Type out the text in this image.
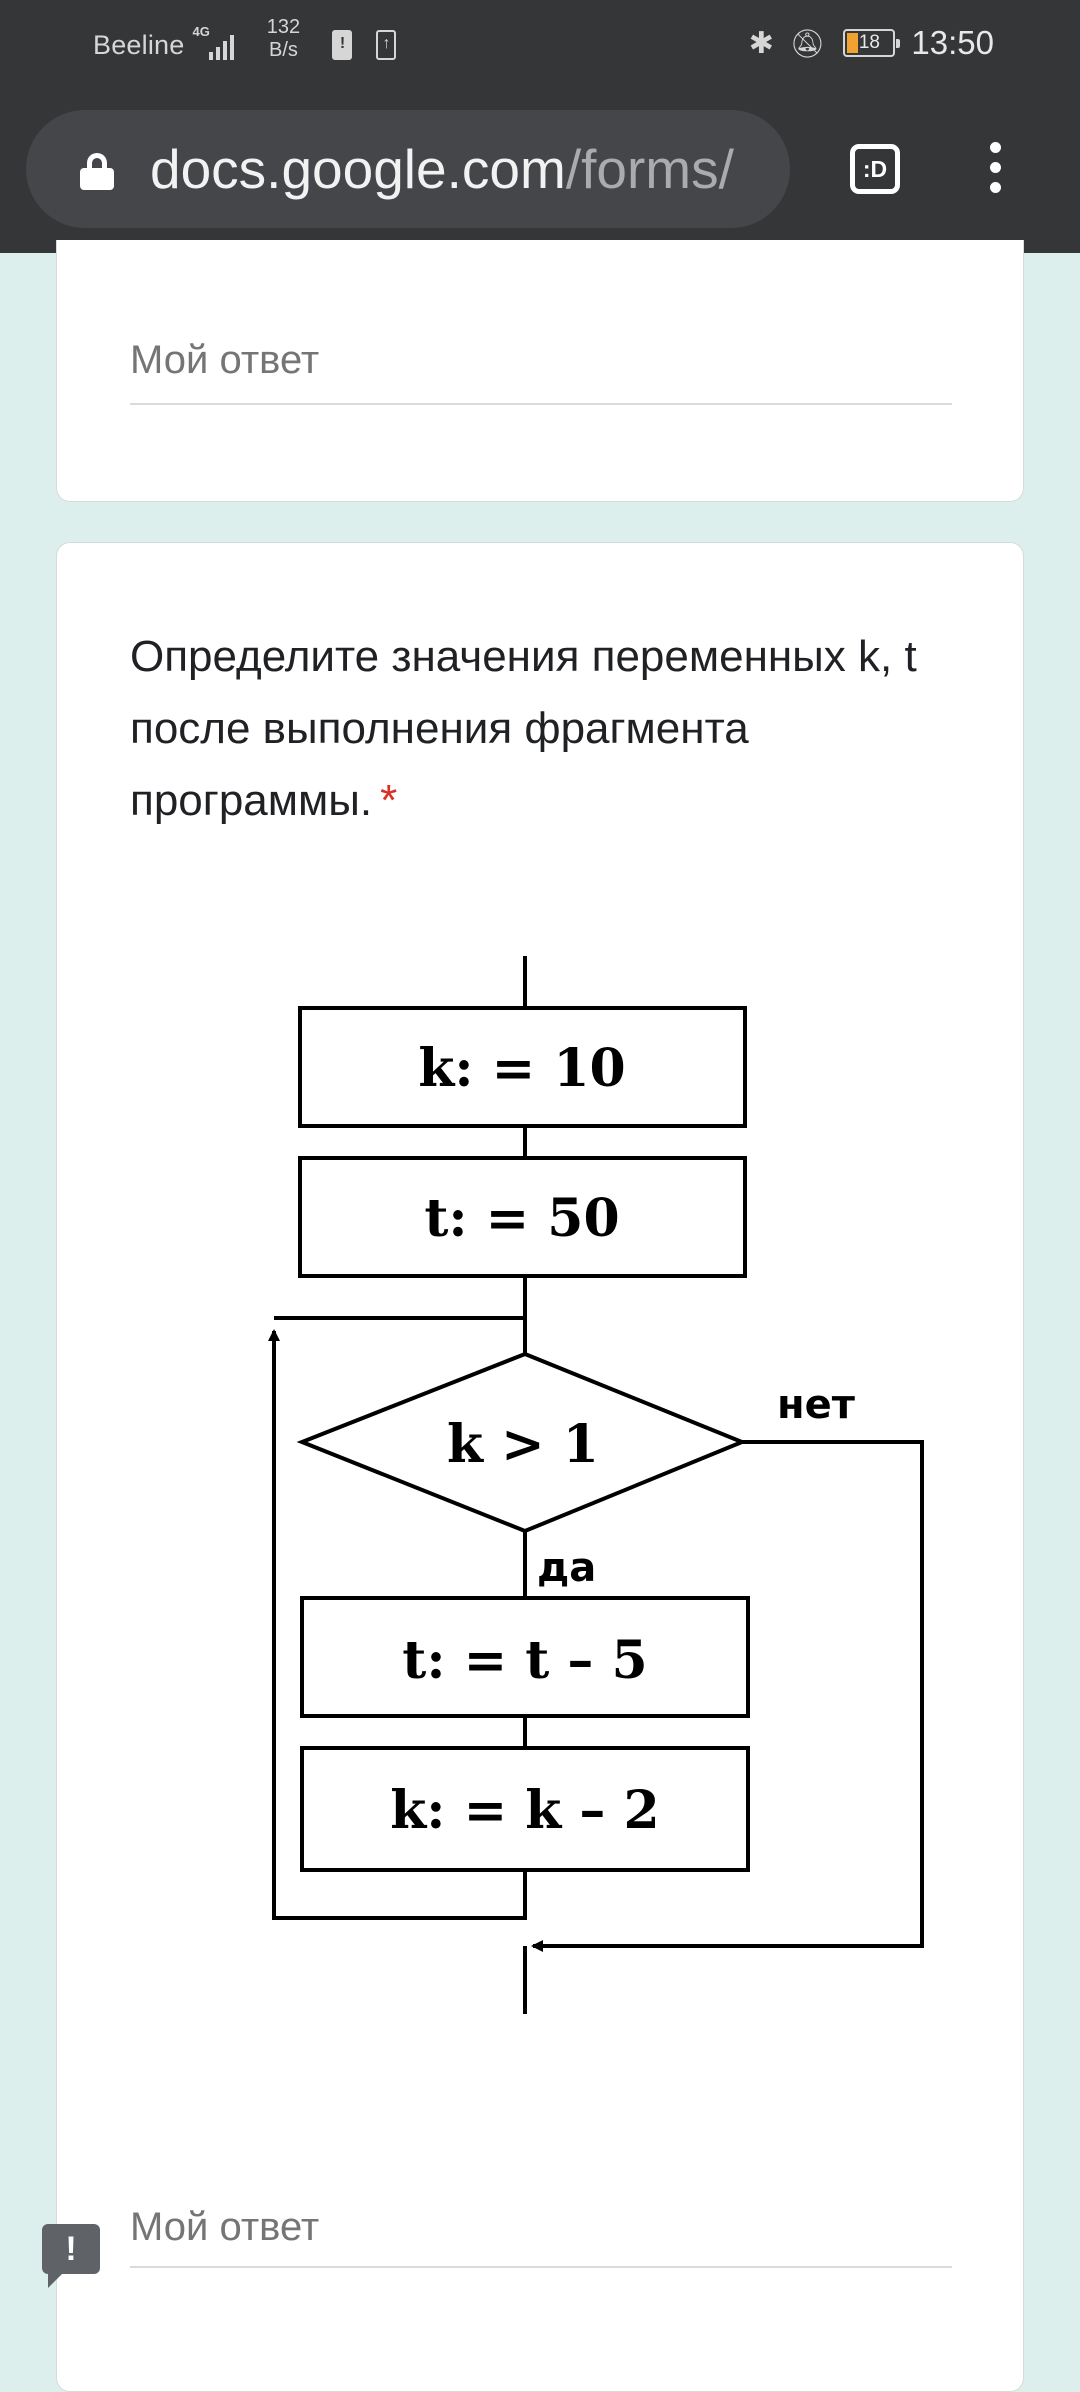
Beeline 4G	132
B/s	!	↑	✱ 🔕︎	18 13:50
docs.google.com/forms/	:D
Мой ответ
Определите значения переменных k, t после выполнения фрагмента программы. *
k: = 10
t: = 50
k > 1
t: = t – 5
k: = k – 2
нет
да
Мой ответ
!
